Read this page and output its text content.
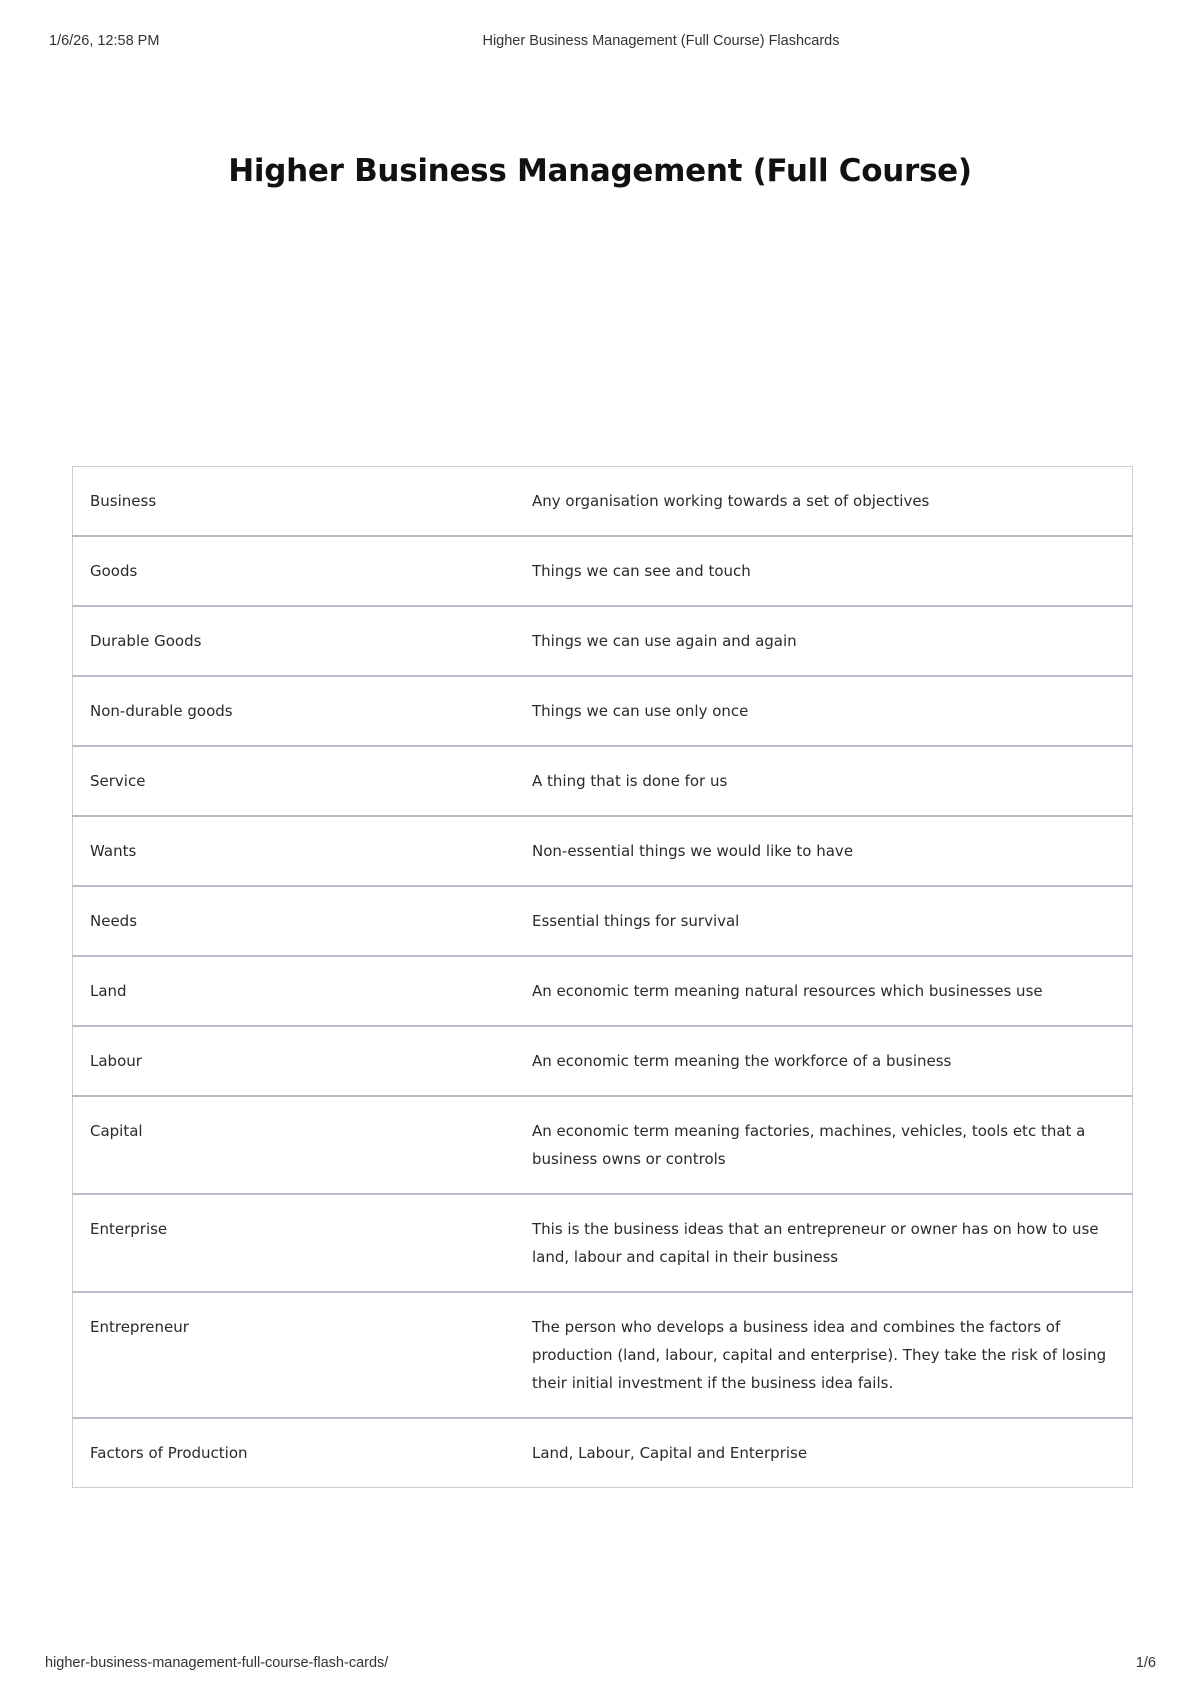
1/6/26, 12:58 PM	Higher Business Management (Full Course) Flashcards
Higher Business Management (Full Course)
Business	Any organisation working towards a set of objectives
Goods	Things we can see and touch
Durable Goods	Things we can use again and again
Non-durable goods	Things we can use only once
Service	A thing that is done for us
Wants	Non-essential things we would like to have
Needs	Essential things for survival
Land	An economic term meaning natural resources which businesses use
Labour	An economic term meaning the workforce of a business
Capital	An economic term meaning factories, machines, vehicles, tools etc that a business owns or controls
Enterprise	This is the business ideas that an entrepreneur or owner has on how to use land, labour and capital in their business
Entrepreneur	The person who develops a business idea and combines the factors of production (land, labour, capital and enterprise). They take the risk of losing their initial investment if the business idea fails.
Factors of Production	Land, Labour, Capital and Enterprise
higher-business-management-full-course-flash-cards/	1/6
